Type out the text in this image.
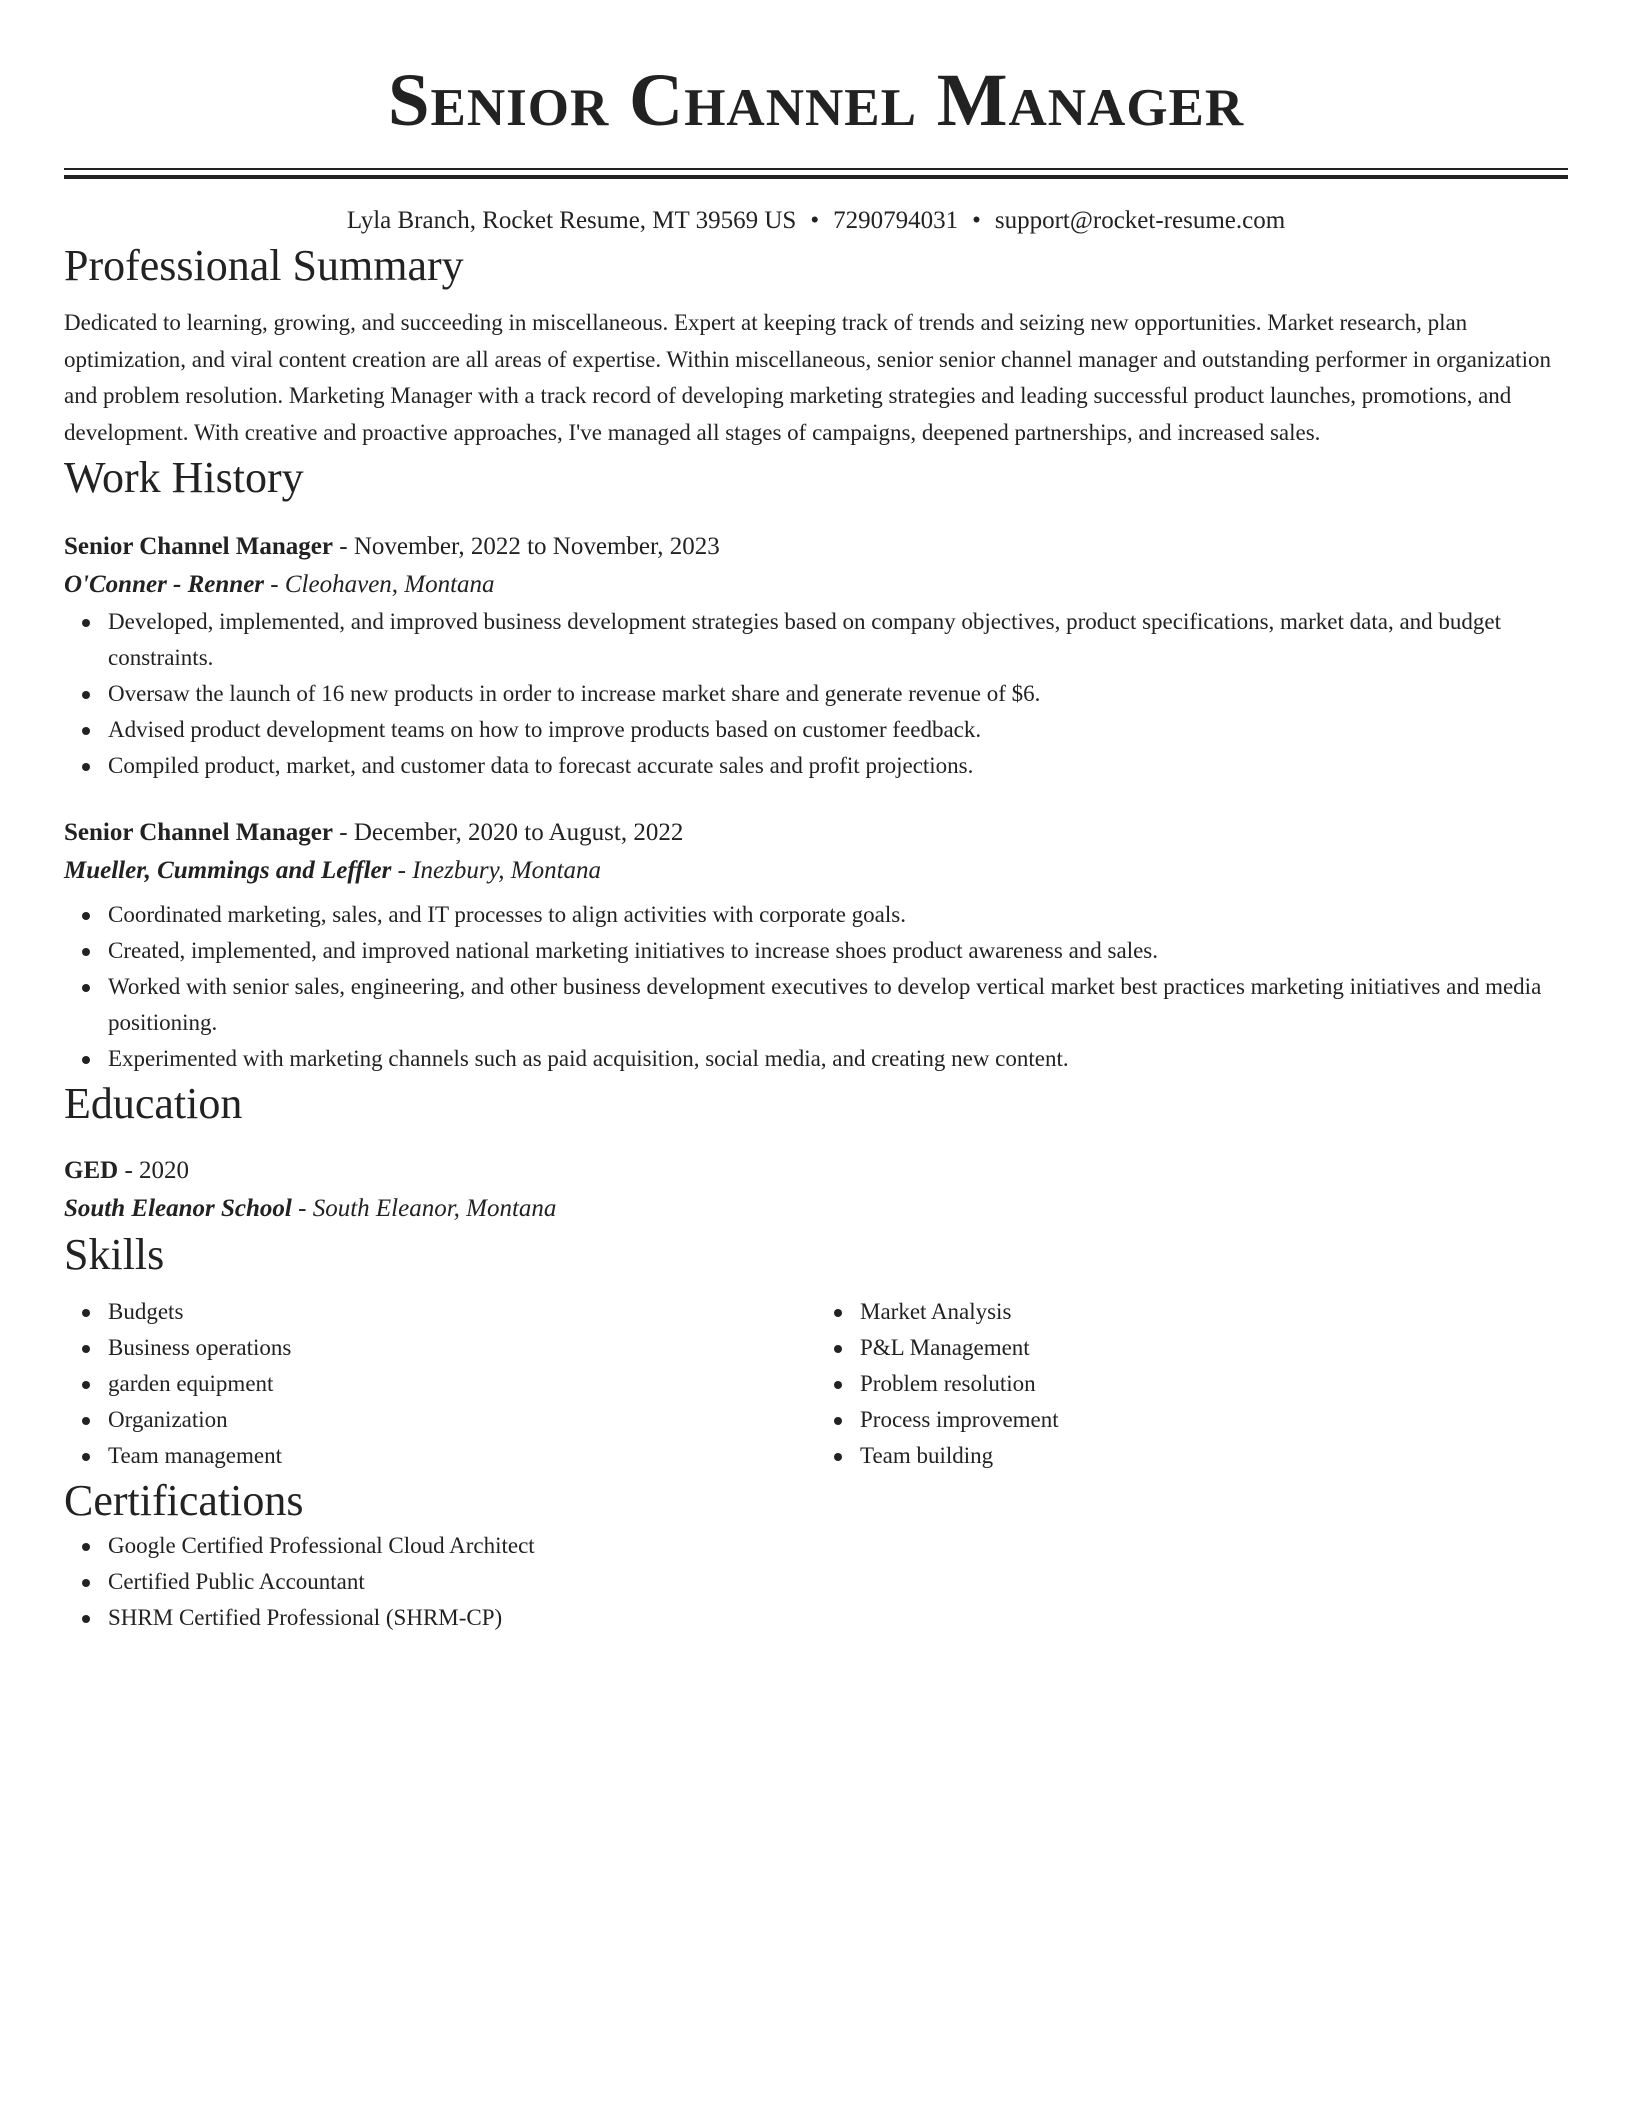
Senior Channel Manager
Lyla Branch, Rocket Resume, MT 39569 US • 7290794031 • support@rocket-resume.com
Professional Summary

Dedicated to learning, growing, and succeeding in miscellaneous. Expert at keeping track of trends and seizing new opportunities. Market research, plan optimization, and viral content creation are all areas of expertise. Within miscellaneous, senior senior channel manager and outstanding performer in organization and problem resolution. Marketing Manager with a track record of developing marketing strategies and leading successful product launches, promotions, and development. With creative and proactive approaches, I've managed all stages of campaigns, deepened partnerships, and increased sales.

Work History
Senior Channel Manager - November, 2022 to November, 2023
O'Conner - Renner - Cleohaven, Montana
Developed, implemented, and improved business development strategies based on company objectives, product specifications, market data, and budget constraints.
Oversaw the launch of 16 new products in order to increase market share and generate revenue of $6.
Advised product development teams on how to improve products based on customer feedback.
Compiled product, market, and customer data to forecast accurate sales and profit projections.
Senior Channel Manager - December, 2020 to August, 2022
Mueller, Cummings and Leffler - Inezbury, Montana
Coordinated marketing, sales, and IT processes to align activities with corporate goals.
Created, implemented, and improved national marketing initiatives to increase shoes product awareness and sales.
Worked with senior sales, engineering, and other business development executives to develop vertical market best practices marketing initiatives and media positioning.
Experimented with marketing channels such as paid acquisition, social media, and creating new content.
Education
GED - 2020
South Eleanor School - South Eleanor, Montana
Skills
Budgets
Business operations
garden equipment
Organization
Team management
Market Analysis
P&L Management
Problem resolution
Process improvement
Team building
Certifications
Google Certified Professional Cloud Architect
Certified Public Accountant
SHRM Certified Professional (SHRM-CP)
